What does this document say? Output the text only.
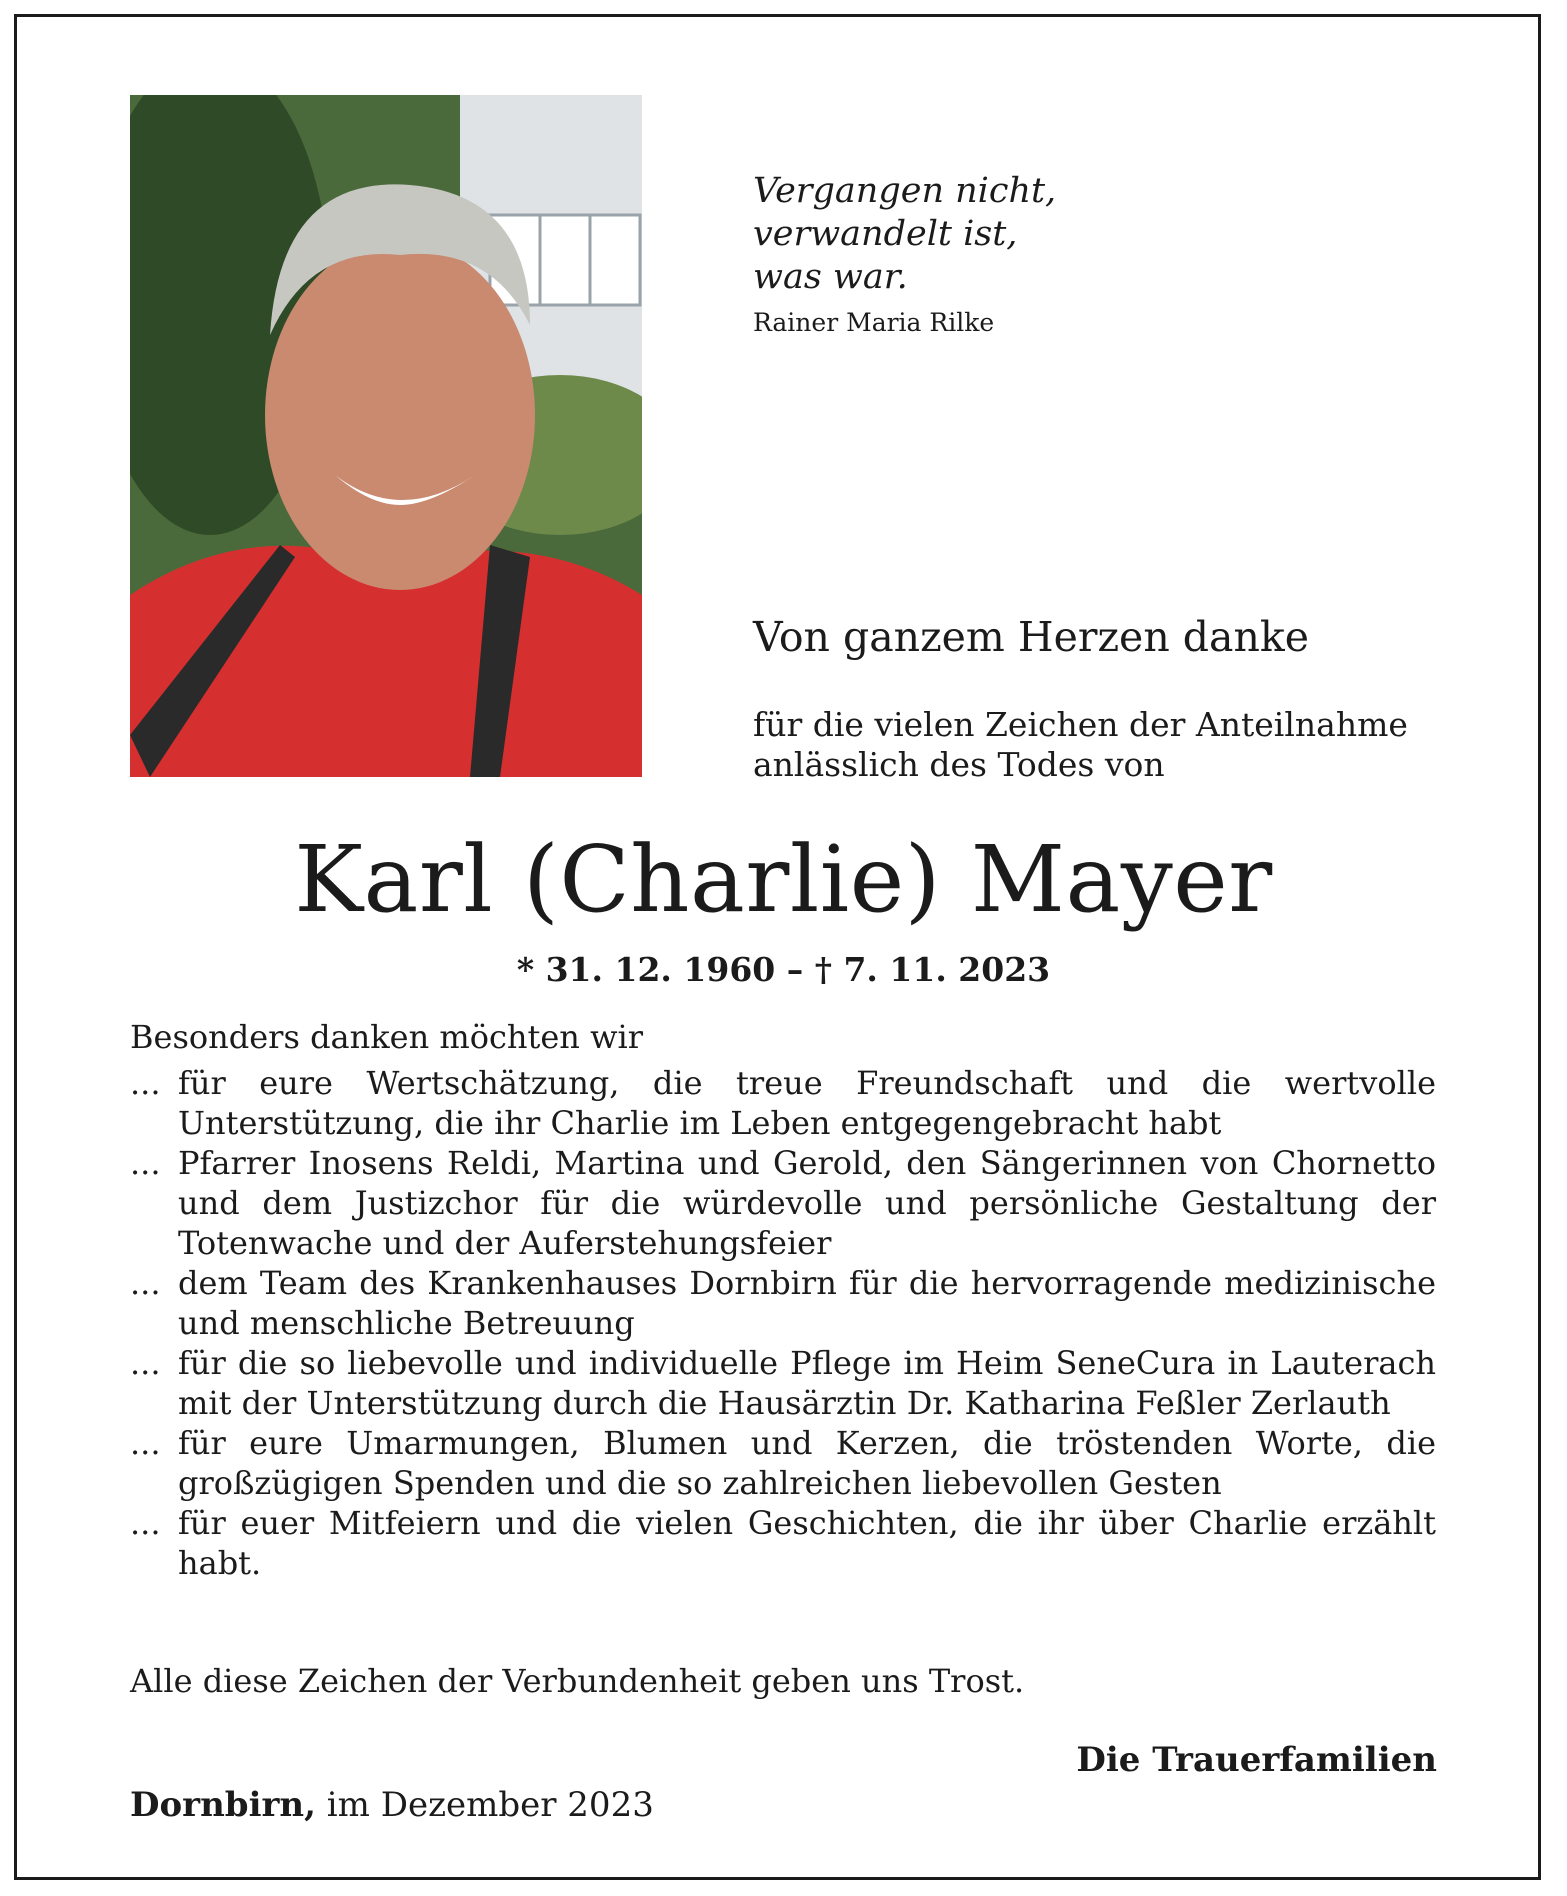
Vergangen nicht,
verwandelt ist,
was war.
Rainer Maria Rilke
Von ganzem Herzen danke
für die vielen Zeichen der Anteilnahme
anlässlich des Todes von
Karl (Charlie) Mayer
* 31. 12. 1960 – † 7. 11. 2023
Besonders danken möchten wir
... für eure Wertschätzung, die treue Freundschaft und die wertvolle Unterstützung, die ihr Charlie im Leben entgegengebracht habt
... Pfarrer Inosens Reldi, Martina und Gerold, den Sängerinnen von Chornetto und dem Justizchor für die würdevolle und persönliche Gestaltung der Totenwache und der Auferstehungsfeier
... dem Team des Krankenhauses Dornbirn für die hervorragende medizinische und menschliche Betreuung
... für die so liebevolle und individuelle Pflege im Heim SeneCura in Lauterach mit der Unterstützung durch die Hausärztin Dr. Katharina Feßler Zerlauth
... für eure Umarmungen, Blumen und Kerzen, die tröstenden Worte, die großzügigen Spenden und die so zahlreichen liebevollen Gesten
... für euer Mitfeiern und die vielen Geschichten, die ihr über Charlie erzählt habt.
Alle diese Zeichen der Verbundenheit geben uns Trost.
Die Trauerfamilien
Dornbirn, im Dezember 2023
